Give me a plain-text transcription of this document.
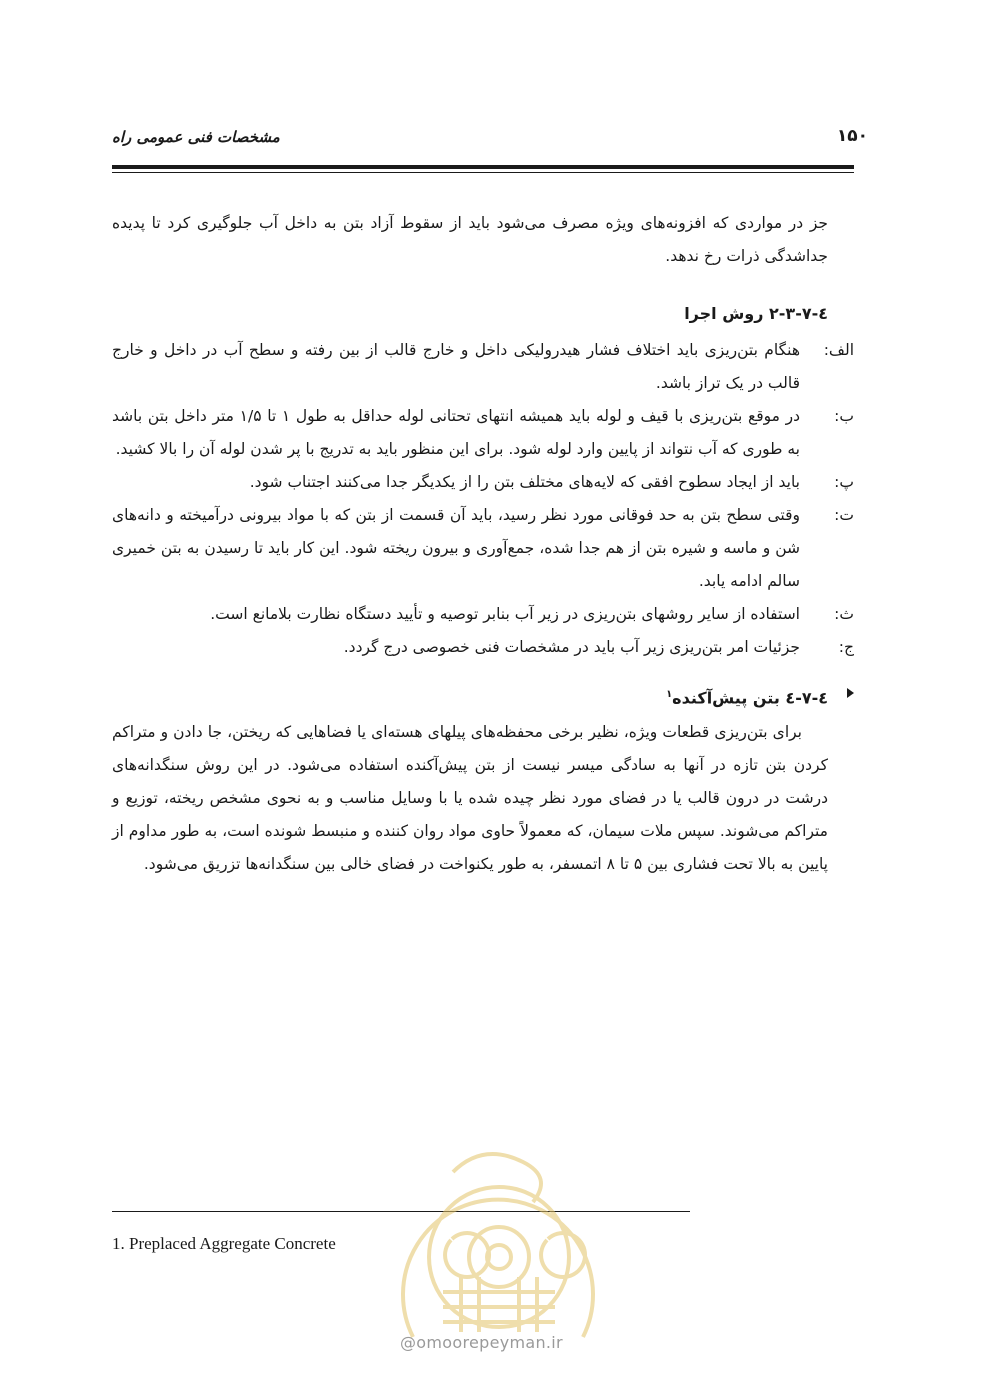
مشخصات فنی عمومی راه	۱۵۰

جز در مواردی که افزونه‌های ویژه مصرف می‌شود باید از سقوط آزاد بتن به داخل آب جلوگیری کرد تا پدیده جداشدگی ذرات رخ ندهد.

٤-٧-٣-٢ روش اجرا
الف:
هنگام بتن‌ریزی باید اختلاف فشار هیدرولیکی داخل و خارج قالب از بین رفته و سطح آب در داخل و خارج قالب در یک تراز باشد.
ب:
در موقع بتن‌ریزی با قیف و لوله باید همیشه انتهای تحتانی لوله حداقل به طول ۱ تا ۱/۵ متر داخل بتن باشد به طوری که آب نتواند از پایین وارد لوله شود. برای این منظور باید به تدریج با پر شدن لوله آن را بالا کشید.
پ:
باید از ایجاد سطوح افقی که لایه‌های مختلف بتن را از یکدیگر جدا می‌کنند اجتناب شود.
ت:
وقتی سطح بتن به حد فوقانی مورد نظر رسید، باید آن قسمت از بتن که با مواد بیرونی درآمیخته و دانه‌های شن و ماسه و شیره بتن از هم جدا شده، جمع‌آوری و بیرون ریخته شود. این کار باید تا رسیدن به بتن خمیری سالم ادامه یابد.
ث:
استفاده از سایر روشهای بتن‌ریزی در زیر آب بنابر توصیه و تأیید دستگاه نظارت بلامانع است.
ج:
جزئیات امر بتن‌ریزی زیر آب باید در مشخصات فنی خصوصی درج گردد.
٤-٧-٤ بتن پیش‌آکنده$^۱$

برای بتن‌ریزی قطعات ویژه، نظیر برخی محفظه‌های پیلهای هسته‌ای یا فضاهایی که ریختن، جا دادن و متراکم کردن بتن تازه در آنها به سادگی میسر نیست از بتن پیش‌آکنده استفاده می‌شود. در این روش سنگدانه‌های درشت در درون قالب یا در فضای مورد نظر چیده شده یا با وسایل مناسب و به نحوی مشخص ریخته، توزیع و متراکم می‌شوند. سپس ملات سیمان، که معمولاً حاوی مواد روان کننده و منبسط شونده است، به طور مداوم از پایین به بالا تحت فشاری بین ۵ تا ۸ اتمسفر، به طور یکنواخت در فضای خالی بین سنگدانه‌ها تزریق می‌شود.

1. Preplaced Aggregate Concrete
@omoorepeyman.ir
